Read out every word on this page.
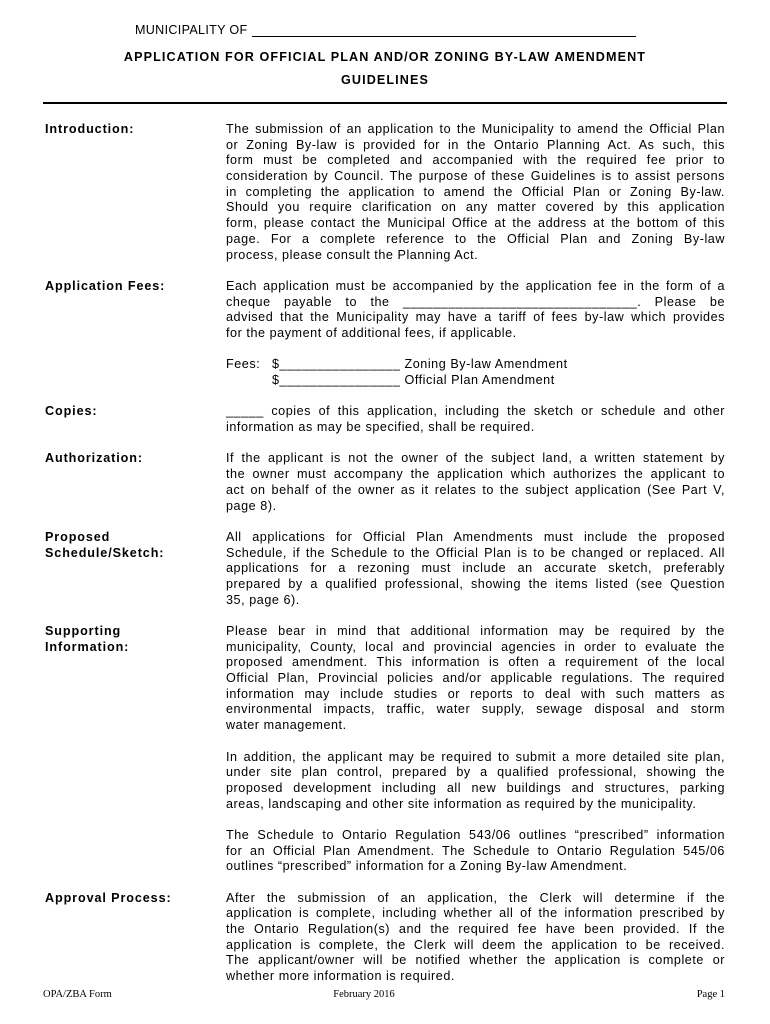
MUNICIPALITY OF
APPLICATION FOR OFFICIAL PLAN AND/OR ZONING BY-LAW AMENDMENT
GUIDELINES
Introduction:	The submission of an application to the Municipality to amend the Official Plan
or Zoning By-law is provided for in the Ontario Planning Act. As such, this
form must be completed and accompanied with the required fee prior to
consideration by Council. The purpose of these Guidelines is to assist persons
in completing the application to amend the Official Plan or Zoning By-law.
Should you require clarification on any matter covered by this application
form, please contact the Municipal Office at the address at the bottom of this
page. For a complete reference to the Official Plan and Zoning By-law
process, please consult the Planning Act.
Application Fees:	Each application must be accompanied by the application fee in the form of a
cheque payable to the _______________________________. Please be
advised that the Municipality may have a tariff of fees by-law which provides
for the payment of additional fees, if applicable.
Fees: $________________ Zoning By-law Amendment
$________________ Official Plan Amendment
Copies:	_____ copies of this application, including the sketch or schedule and other
information as may be specified, shall be required.
Authorization:	If the applicant is not the owner of the subject land, a written statement by
the owner must accompany the application which authorizes the applicant to
act on behalf of the owner as it relates to the subject application (See Part V,
page 8).
Proposed
Schedule/Sketch:
All applications for Official Plan Amendments must include the proposed
Schedule, if the Schedule to the Official Plan is to be changed or replaced. All
applications for a rezoning must include an accurate sketch, preferably
prepared by a qualified professional, showing the items listed (see Question
35, page 6).
Supporting
Information:
Please bear in mind that additional information may be required by the
municipality, County, local and provincial agencies in order to evaluate the
proposed amendment. This information is often a requirement of the local
Official Plan, Provincial policies and/or applicable regulations. The required
information may include studies or reports to deal with such matters as
environmental impacts, traffic, water supply, sewage disposal and storm
water management.
In addition, the applicant may be required to submit a more detailed site plan,
under site plan control, prepared by a qualified professional, showing the
proposed development including all new buildings and structures, parking
areas, landscaping and other site information as required by the municipality.
The Schedule to Ontario Regulation 543/06 outlines “prescribed” information
for an Official Plan Amendment. The Schedule to Ontario Regulation 545/06
outlines “prescribed” information for a Zoning By-law Amendment.
Approval Process:	After the submission of an application, the Clerk will determine if the
application is complete, including whether all of the information prescribed by
the Ontario Regulation(s) and the required fee have been provided. If the
application is complete, the Clerk will deem the application to be received.
The applicant/owner will be notified whether the application is complete or
whether more information is required.
OPA/ZBA Form	February 2016	Page 1
